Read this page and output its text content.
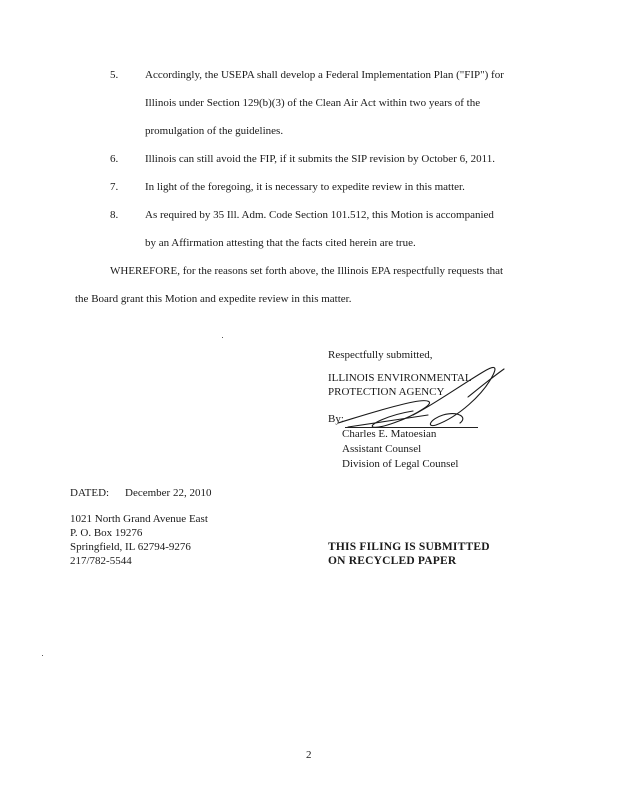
5. Accordingly, the USEPA shall develop a Federal Implementation Plan ("FIP") for
Illinois under Section 129(b)(3) of the Clean Air Act within two years of the
promulgation of the guidelines.
6. Illinois can still avoid the FIP, if it submits the SIP revision by October 6, 2011.
7. In light of the foregoing, it is necessary to expedite review in this matter.
8. As required by 35 Ill. Adm. Code Section 101.512, this Motion is accompanied
by an Affirmation attesting that the facts cited herein are true.
WHEREFORE, for the reasons set forth above, the Illinois EPA respectfully requests that
the Board grant this Motion and expedite review in this matter.
Respectfully submitted,
ILLINOIS ENVIRONMENTAL
PROTECTION AGENCY
By:
Charles E. Matoesian
Assistant Counsel
Division of Legal Counsel
DATED: December 22, 2010
1021 North Grand Avenue East
P. O. Box 19276
Springfield, IL 62794-9276
217/782-5544
THIS FILING IS SUBMITTED
ON RECYCLED PAPER
2
